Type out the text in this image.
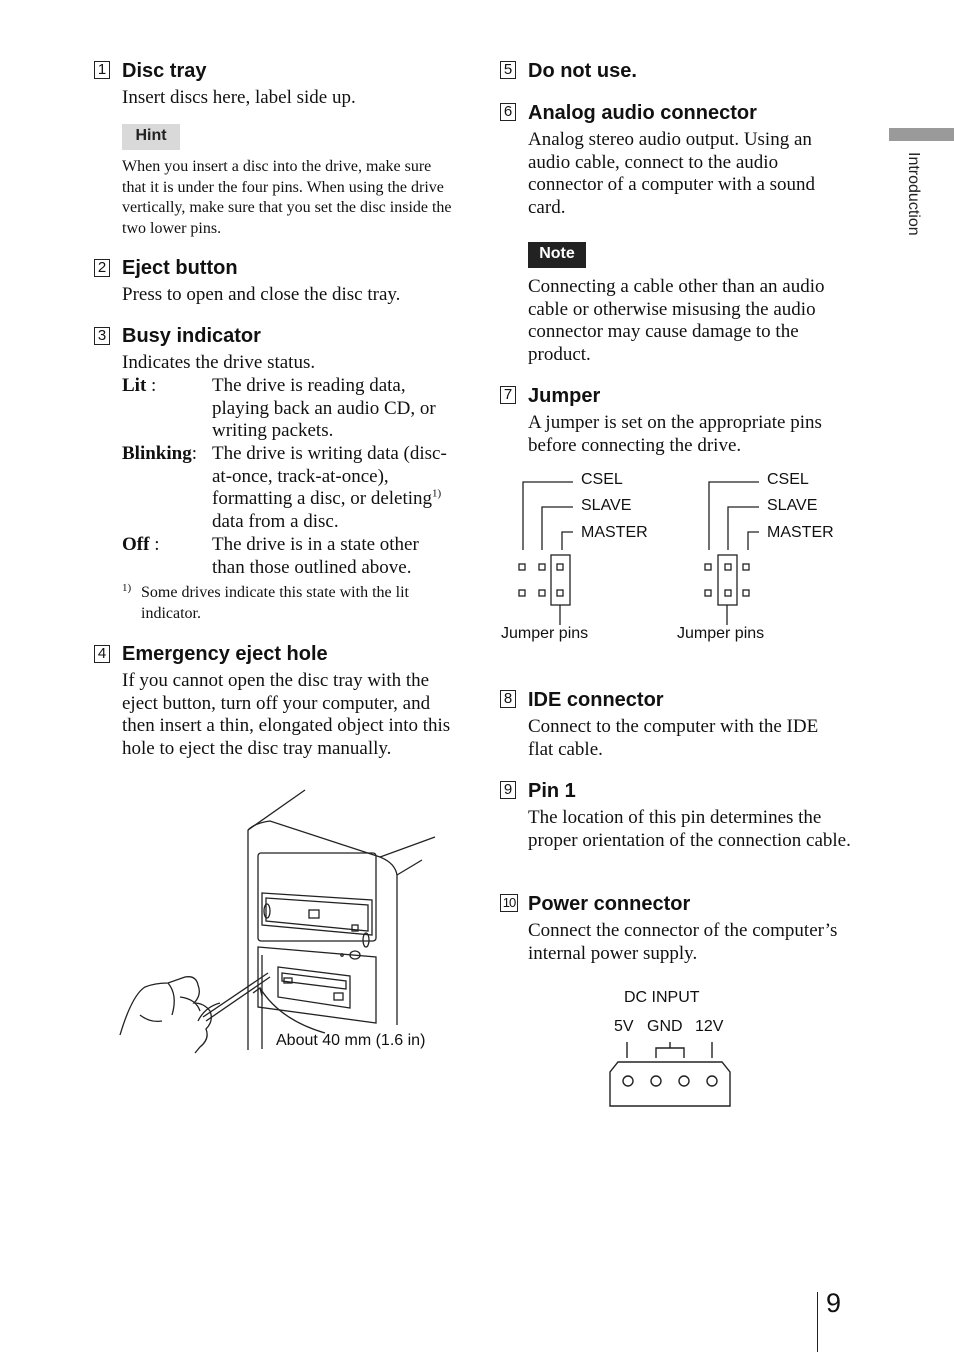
Introduction
1 Disc tray
Insert discs here, label side up.
Hint
When you insert a disc into the drive, make sure that it is under the four pins. When using the drive vertically, make sure that you set the disc inside the two lower pins.
2 Eject button
Press to open and close the disc tray.
3 Busy indicator
Indicates the drive status.
Lit :	The drive is reading data, playing back an audio CD, or writing packets.
Blinking: The drive is writing data (disc-at-once, track-at-once), formatting a disc, or deleting$^{1)}$ data from a disc.
Off :	The drive is in a state other than those outlined above.
1) Some drives indicate this state with the lit indicator.
4 Emergency eject hole
If you cannot open the disc tray with the eject button, turn off your computer, and then insert a thin, elongated object into this hole to eject the disc tray manually.
About 40 mm (1.6 in)
5 Do not use.
6 Analog audio connector
Analog stereo audio output. Using an audio cable, connect to the audio connector of a computer with a sound card.
Note
Connecting a cable other than an audio cable or otherwise misusing the audio connector may cause damage to the product.
7 Jumper
A jumper is set on the appropriate pins before connecting the drive.
CSEL
SLAVE
MASTER
Jumper pins
CSEL
SLAVE
MASTER
Jumper pins
8 IDE connector
Connect to the computer with the IDE flat cable.
9 Pin 1
The location of this pin determines the proper orientation of the connection cable.
10 Power connector
Connect the connector of the computer’s internal power supply.
DC INPUT
5V GND 12V
9
